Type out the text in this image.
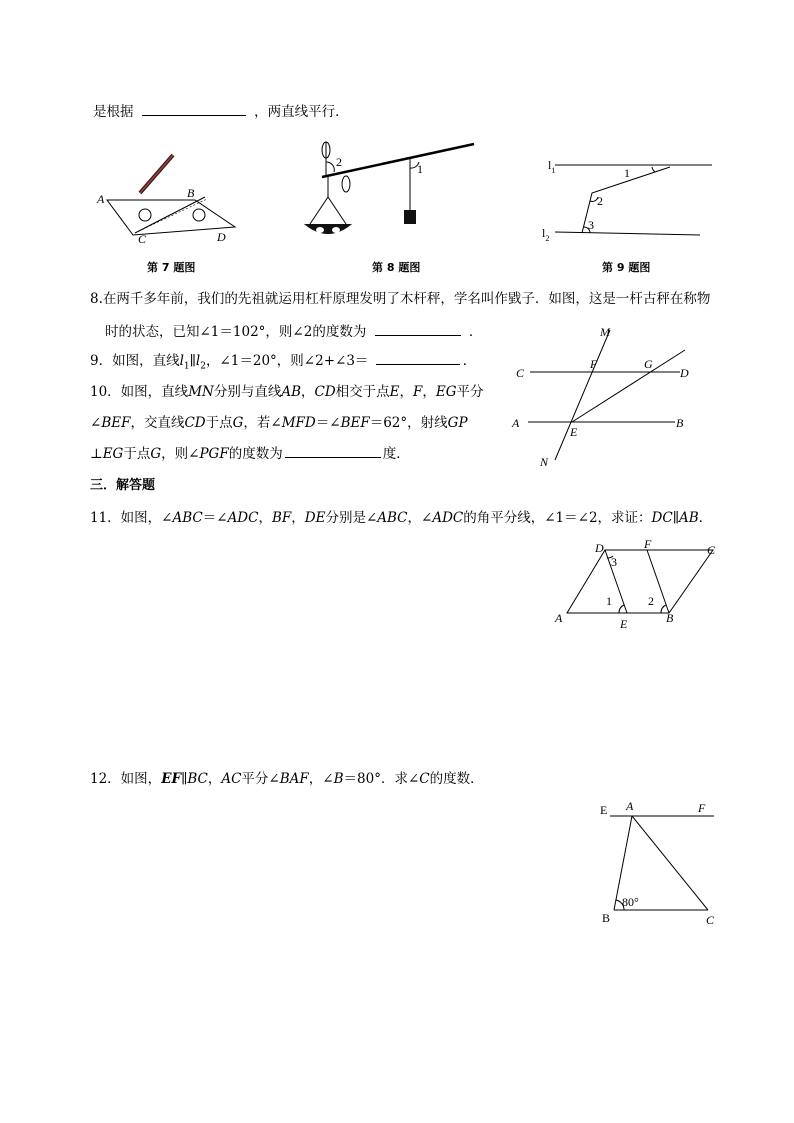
是根据	，两直线平行．
A	B
C	D
第 7 题图
1
2
第 8 题图
$l_1$
$l_2$
1
2
3
第 9 题图
8.在两千多年前，我们的先祖就运用杠杆原理发明了木杆秤，学名叫作戥子．如图，这是一杆古秤在称物
时的状态，已知∠1＝102°，则∠2的度数为	．
9．如图，直线$l_1\parallel l_2$，∠1＝20°，则∠2+∠3＝	．
10．如图，直线MN分别与直线AB，CD相交于点E，F，EG平分
∠BEF，交直线CD于点G，若∠MFD＝∠BEF＝62°，射线GP
⊥EG于点G，则∠PGF的度数为	度．
M
N
C	D
A	B
E
F	G
三．解答题
11．如图，∠ABC＝∠ADC，BF，DE分别是∠ABC，∠ADC的角平分线，∠1＝∠2，求证：DC∥AB．
D	F	C
A	E	B
1	2
3
12．如图，EF∥BC，AC平分∠BAF，∠B＝80°．求∠C的度数．
E A	F
B	C
80°
